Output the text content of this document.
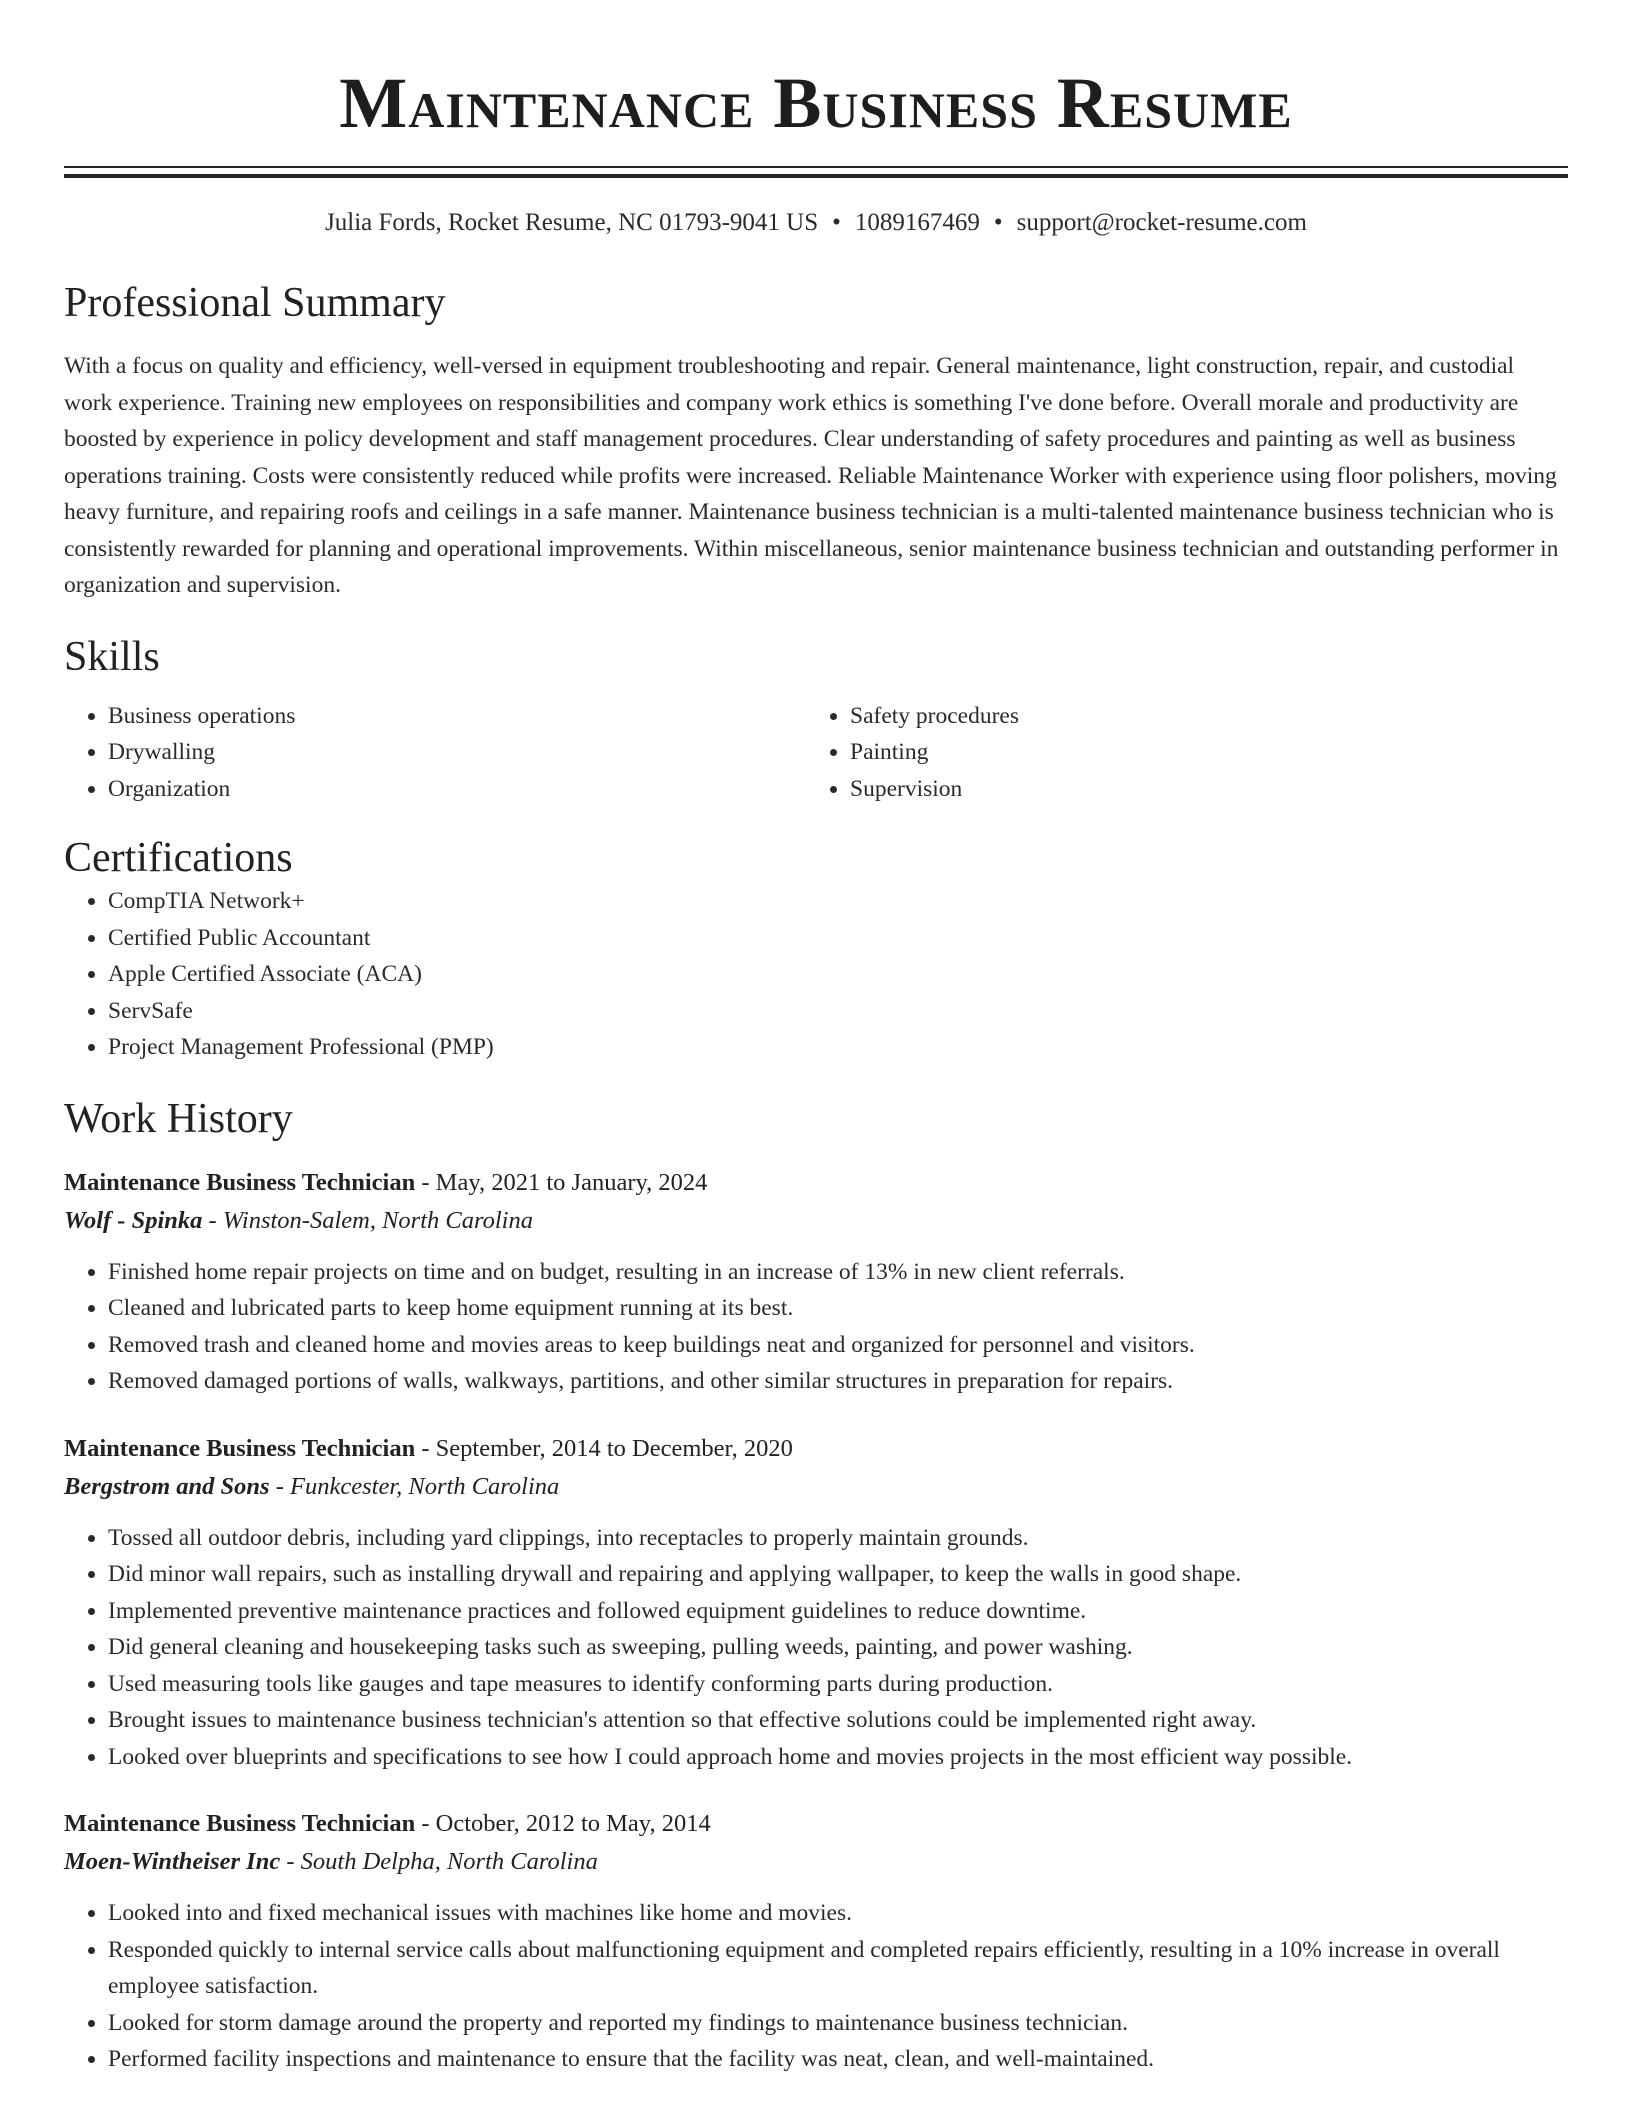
Maintenance Business Resume
Julia Fords, Rocket Resume, NC 01793-9041 US • 1089167469 • support@rocket-resume.com
Professional Summary

With a focus on quality and efficiency, well-versed in equipment troubleshooting and repair. General maintenance, light construction, repair, and custodial work experience. Training new employees on responsibilities and company work ethics is something I've done before. Overall morale and productivity are boosted by experience in policy development and staff management procedures. Clear understanding of safety procedures and painting as well as business operations training. Costs were consistently reduced while profits were increased. Reliable Maintenance Worker with experience using floor polishers, moving heavy furniture, and repairing roofs and ceilings in a safe manner. Maintenance business technician is a multi-talented maintenance business technician who is consistently rewarded for planning and operational improvements. Within miscellaneous, senior maintenance business technician and outstanding performer in organization and supervision.

Skills
• Business operations
• Drywalling
• Organization
• Safety procedures
• Painting
• Supervision
Certifications
• CompTIA Network+
• Certified Public Accountant
• Apple Certified Associate (ACA)
• ServSafe
• Project Management Professional (PMP)
Work History
Maintenance Business Technician - May, 2021 to January, 2024
Wolf - Spinka - Winston-Salem, North Carolina
• Finished home repair projects on time and on budget, resulting in an increase of 13% in new client referrals.
• Cleaned and lubricated parts to keep home equipment running at its best.
• Removed trash and cleaned home and movies areas to keep buildings neat and organized for personnel and visitors.
• Removed damaged portions of walls, walkways, partitions, and other similar structures in preparation for repairs.
Maintenance Business Technician - September, 2014 to December, 2020
Bergstrom and Sons - Funkcester, North Carolina
• Tossed all outdoor debris, including yard clippings, into receptacles to properly maintain grounds.
• Did minor wall repairs, such as installing drywall and repairing and applying wallpaper, to keep the walls in good shape.
• Implemented preventive maintenance practices and followed equipment guidelines to reduce downtime.
• Did general cleaning and housekeeping tasks such as sweeping, pulling weeds, painting, and power washing.
• Used measuring tools like gauges and tape measures to identify conforming parts during production.
• Brought issues to maintenance business technician's attention so that effective solutions could be implemented right away.
• Looked over blueprints and specifications to see how I could approach home and movies projects in the most efficient way possible.
Maintenance Business Technician - October, 2012 to May, 2014
Moen-Wintheiser Inc - South Delpha, North Carolina
• Looked into and fixed mechanical issues with machines like home and movies.
• Responded quickly to internal service calls about malfunctioning equipment and completed repairs efficiently, resulting in a 10% increase in overall employee satisfaction.
• Looked for storm damage around the property and reported my findings to maintenance business technician.
• Performed facility inspections and maintenance to ensure that the facility was neat, clean, and well-maintained.
